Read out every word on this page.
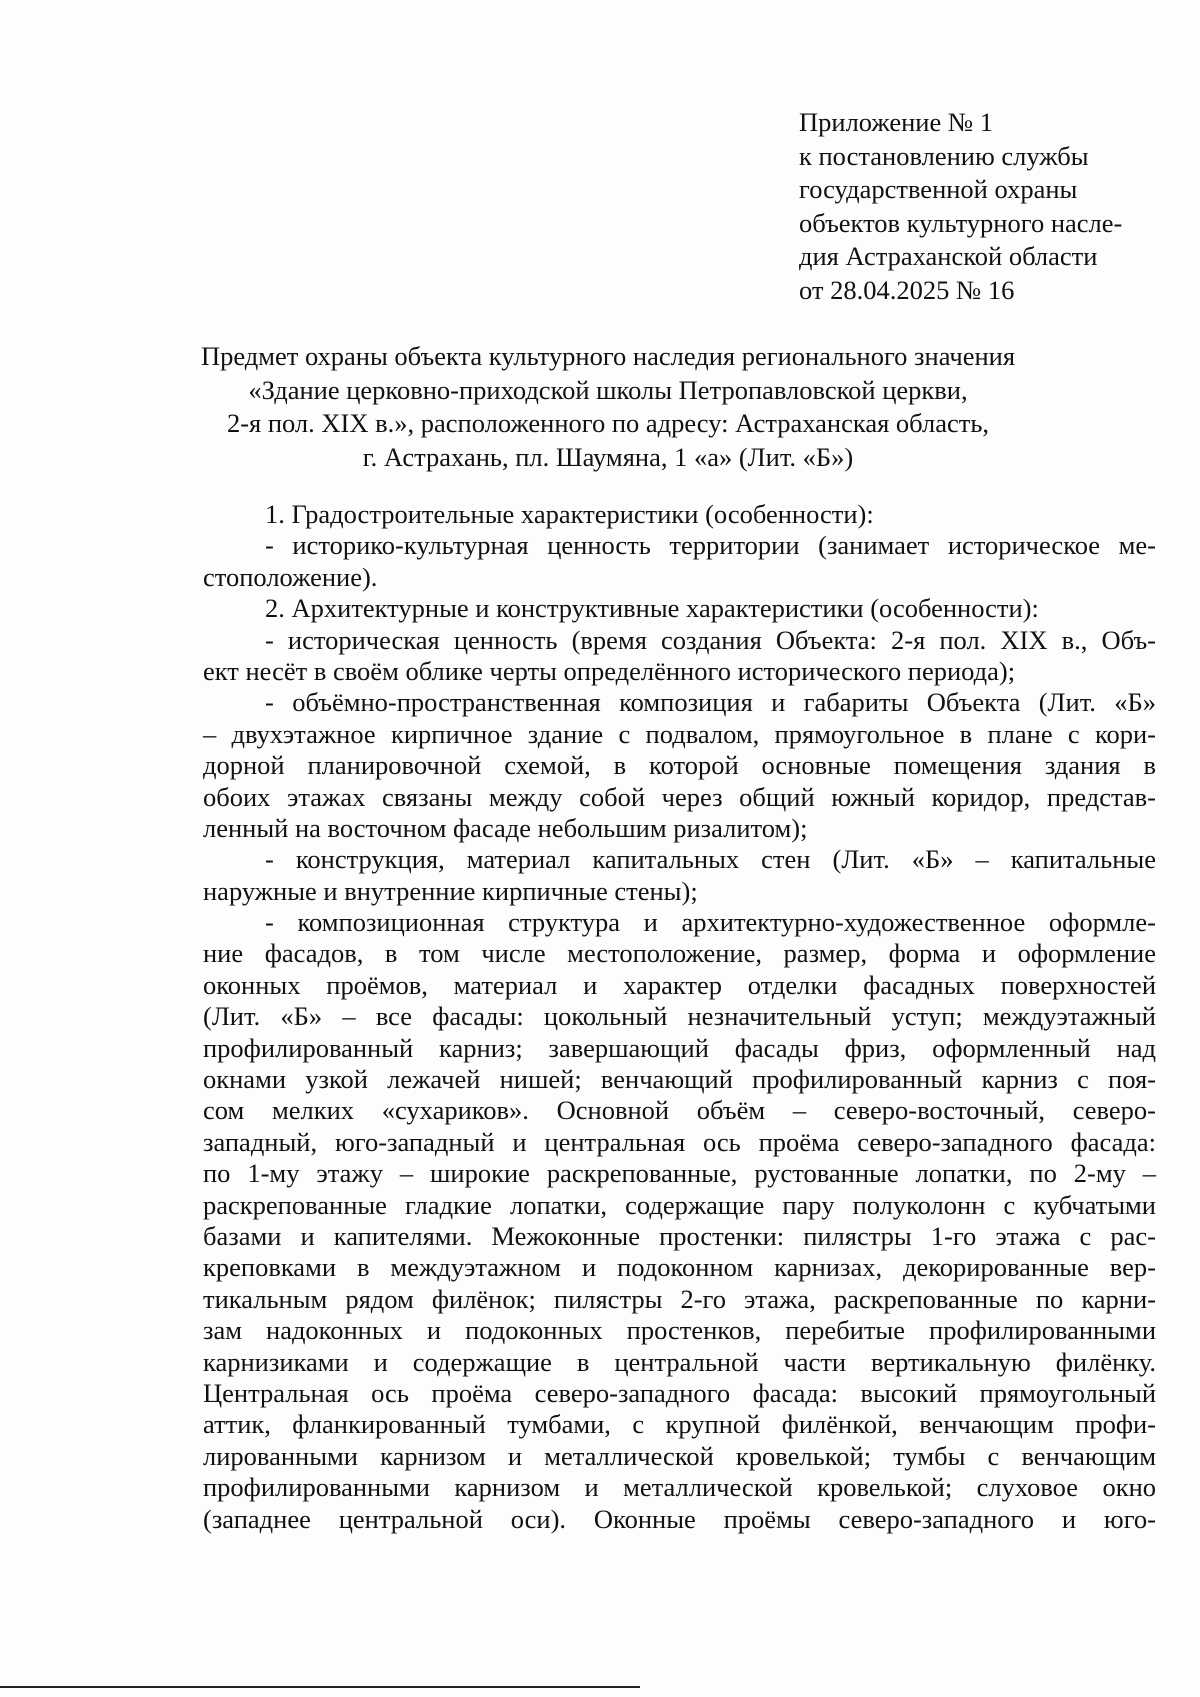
Приложение № 1
к постановлению службы
государственной охраны
объектов культурного насле-
дия Астраханской области
от 28.04.2025 № 16
Предмет охраны объекта культурного наследия регионального значения
«Здание церковно-приходской школы Петропавловской церкви,
2-я пол. XIX в.», расположенного по адресу: Астраханская область,
г. Астрахань, пл. Шаумяна, 1 «а» (Лит. «Б»)
1. Градостроительные характеристики (особенности):
- историко-культурная ценность территории (занимает историческое ме-
стоположение).
2. Архитектурные и конструктивные характеристики (особенности):
- историческая ценность (время создания Объекта: 2-я пол. XIX в., Объ-
ект несёт в своём облике черты определённого исторического периода);
- объёмно-пространственная композиция и габариты Объекта (Лит. «Б»
– двухэтажное кирпичное здание с подвалом, прямоугольное в плане с кори-
дорной планировочной схемой, в которой основные помещения здания в
обоих этажах связаны между собой через общий южный коридор, представ-
ленный на восточном фасаде небольшим ризалитом);
- конструкция, материал капитальных стен (Лит. «Б» – капитальные
наружные и внутренние кирпичные стены);
- композиционная структура и архитектурно-художественное оформле-
ние фасадов, в том числе местоположение, размер, форма и оформление
оконных проёмов, материал и характер отделки фасадных поверхностей
(Лит. «Б» – все фасады: цокольный незначительный уступ; междуэтажный
профилированный карниз; завершающий фасады фриз, оформленный над
окнами узкой лежачей нишей; венчающий профилированный карниз с поя-
сом мелких «сухариков». Основной объём – северо-восточный, северо-
западный, юго-западный и центральная ось проёма северо-западного фасада:
по 1-му этажу – широкие раскрепованные, рустованные лопатки, по 2-му –
раскрепованные гладкие лопатки, содержащие пару полуколонн с кубчатыми
базами и капителями. Межоконные простенки: пилястры 1-го этажа с рас-
креповками в междуэтажном и подоконном карнизах, декорированные вер-
тикальным рядом филёнок; пилястры 2-го этажа, раскрепованные по карни-
зам надоконных и подоконных простенков, перебитые профилированными
карнизиками и содержащие в центральной части вертикальную филёнку.
Центральная ось проёма северо-западного фасада: высокий прямоугольный
аттик, фланкированный тумбами, с крупной филёнкой, венчающим профи-
лированными карнизом и металлической кровелькой; тумбы с венчающим
профилированными карнизом и металлической кровелькой; слуховое окно
(западнее центральной оси). Оконные проёмы северо-западного и юго-
